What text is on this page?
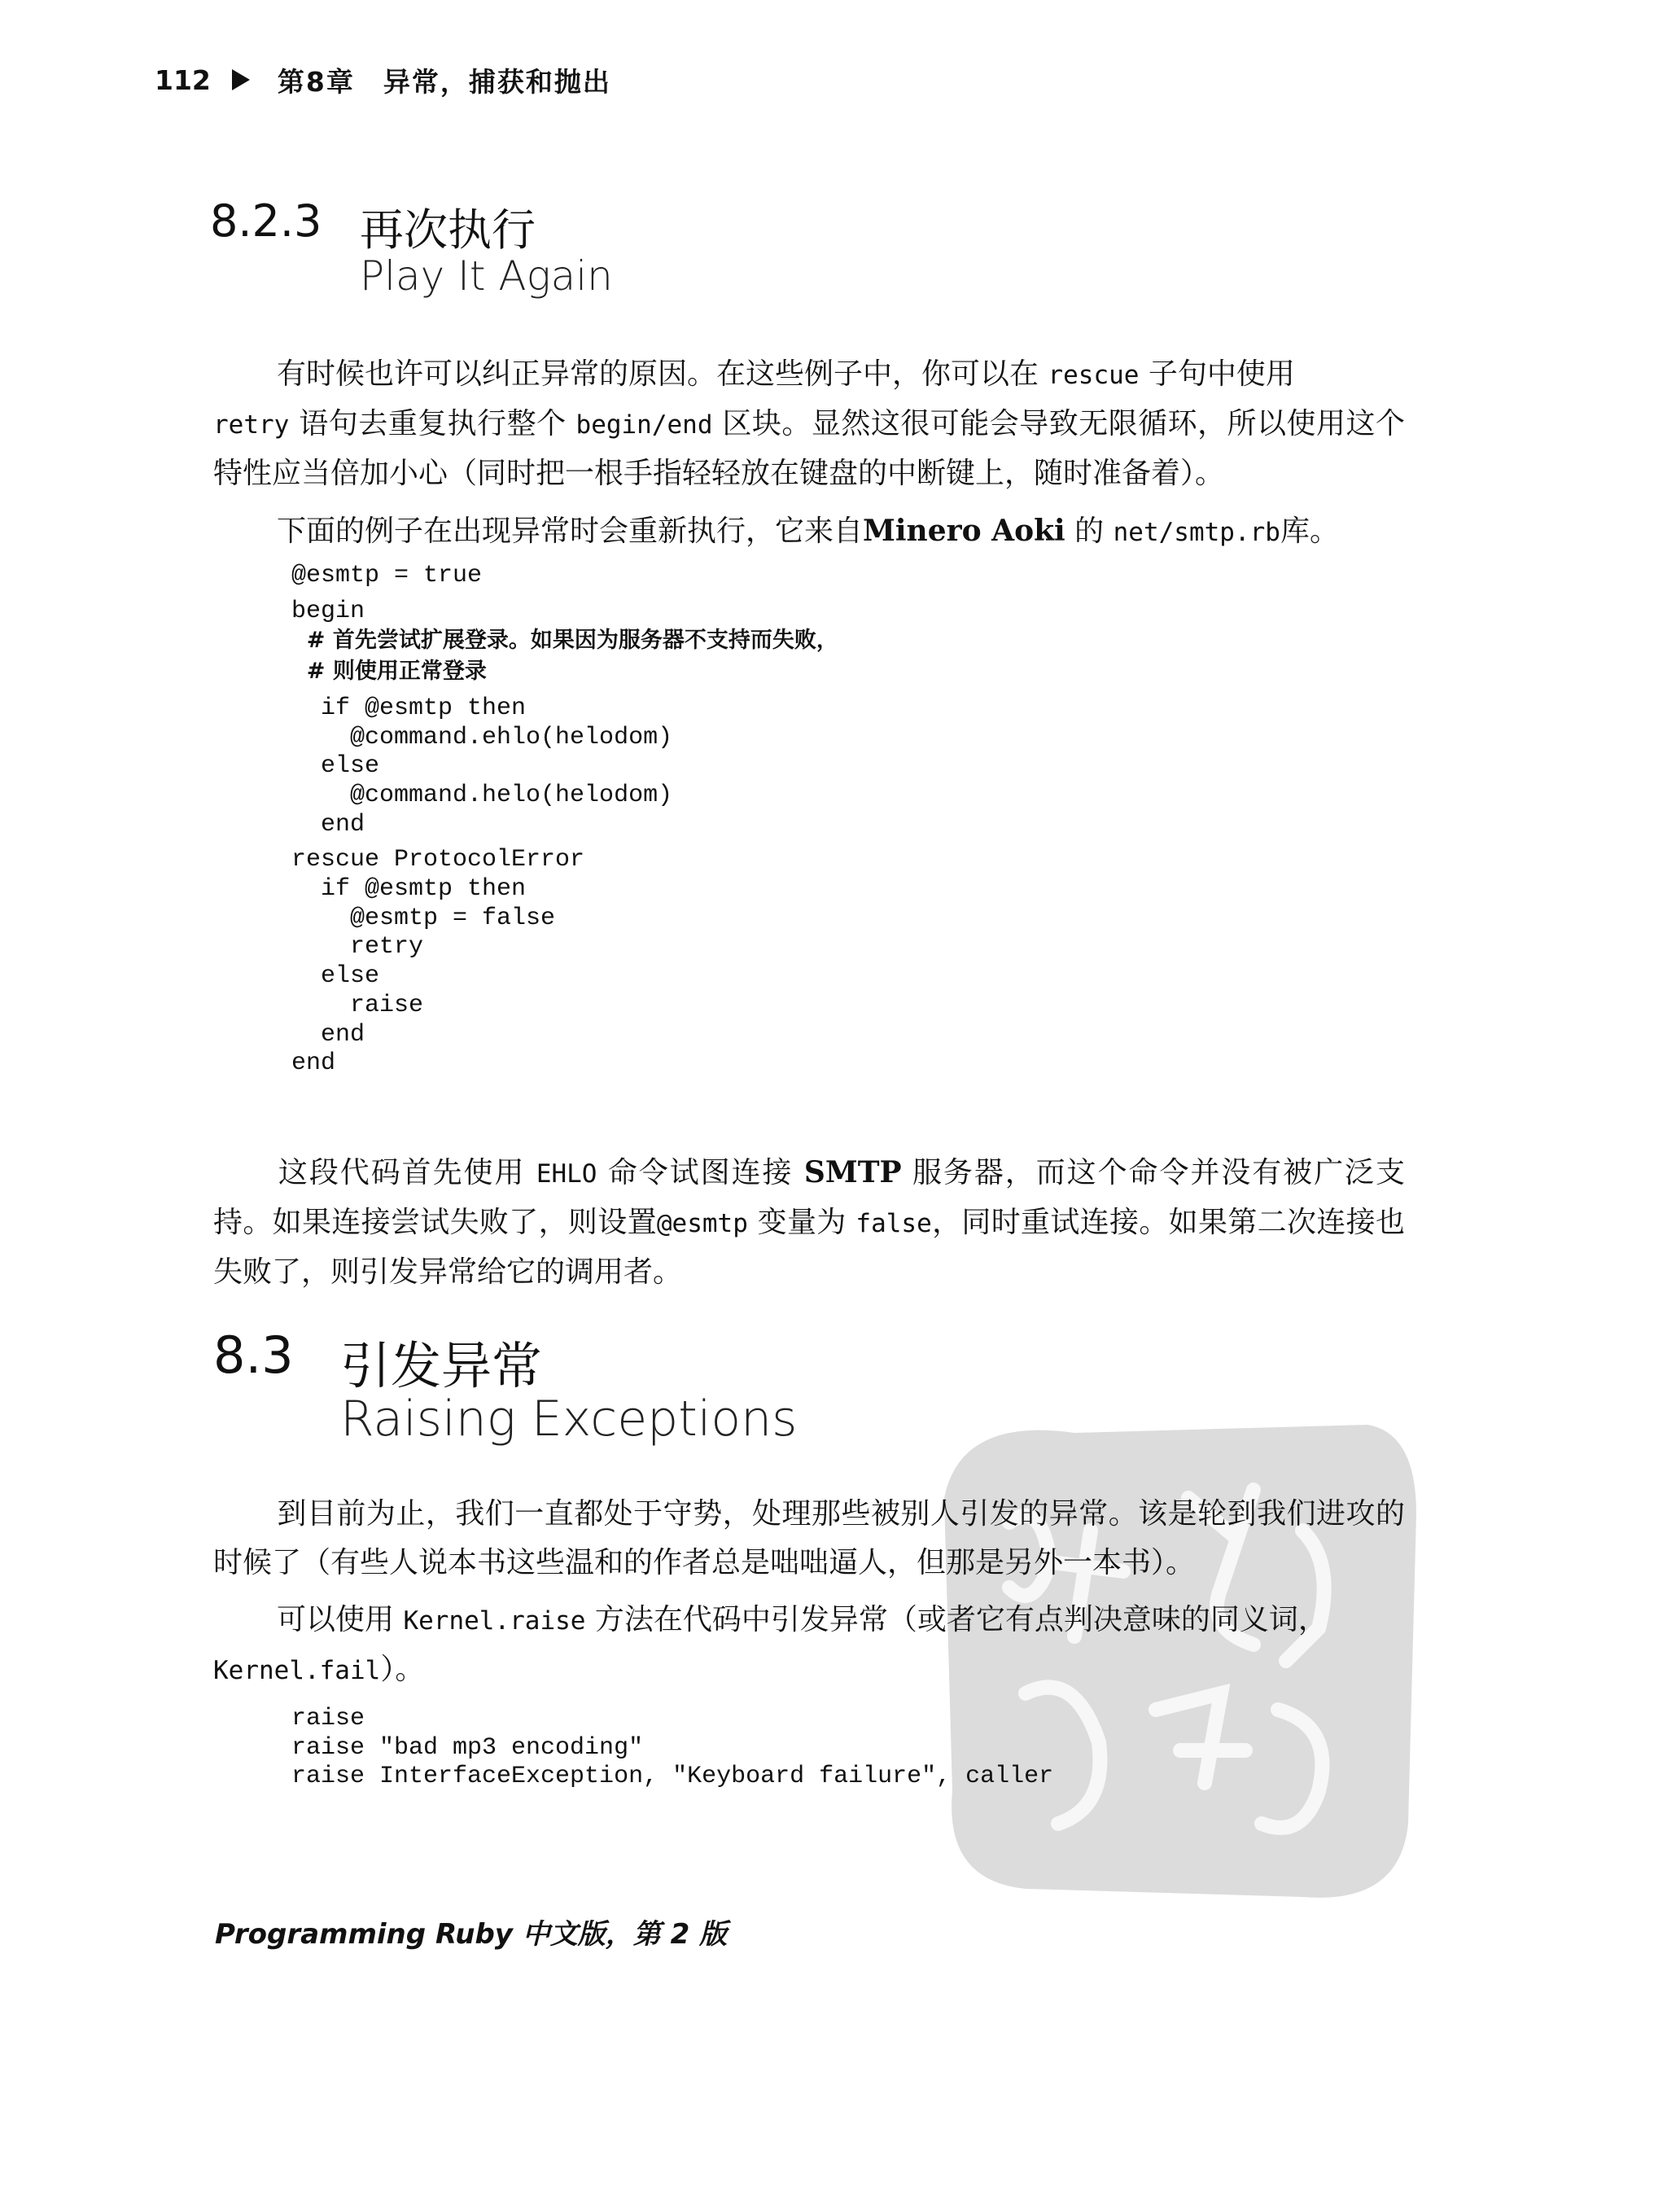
112 第8章　异常，捕获和抛出
8.2.3 再次执行
Play It Again
有时候也许可以纠正异常的原因。在这些例子中，你可以在 rescue 子句中使用
retry 语句去重复执行整个 begin/end 区块。显然这很可能会导致无限循环，所以使用这个特性应当倍加小心（同时把一根手指轻轻放在键盘的中断键上，随时准备着）。
下面的例子在出现异常时会重新执行，它来自Minero Aoki 的 net/smtp.rb库。
@esmtp = true

begin
# 首先尝试扩展登录。如果因为服务器不支持而失败，
# 则使用正常登录

if @esmtp then
@command.ehlo(helodom)
else
@command.helo(helodom)
end

rescue ProtocolError
if @esmtp then
@esmtp = false
retry
else
raise
end
end
这段代码首先使用 EHLO 命令试图连接 SMTP 服务器，而这个命令并没有被广泛支持。如果连接尝试失败了，则设置@esmtp 变量为 false，同时重试连接。如果第二次连接也失败了，则引发异常给它的调用者。
8.3 引发异常
Raising Exceptions
到目前为止，我们一直都处于守势，处理那些被别人引发的异常。该是轮到我们进攻的时候了（有些人说本书这些温和的作者总是咄咄逼人，但那是另外一本书）。
可以使用 Kernel.raise 方法在代码中引发异常（或者它有点判决意味的同义词，
Kernel.fail）。
raise
raise "bad mp3 encoding"
raise InterfaceException, "Keyboard failure", caller
Programming Ruby 中文版，第 2 版
